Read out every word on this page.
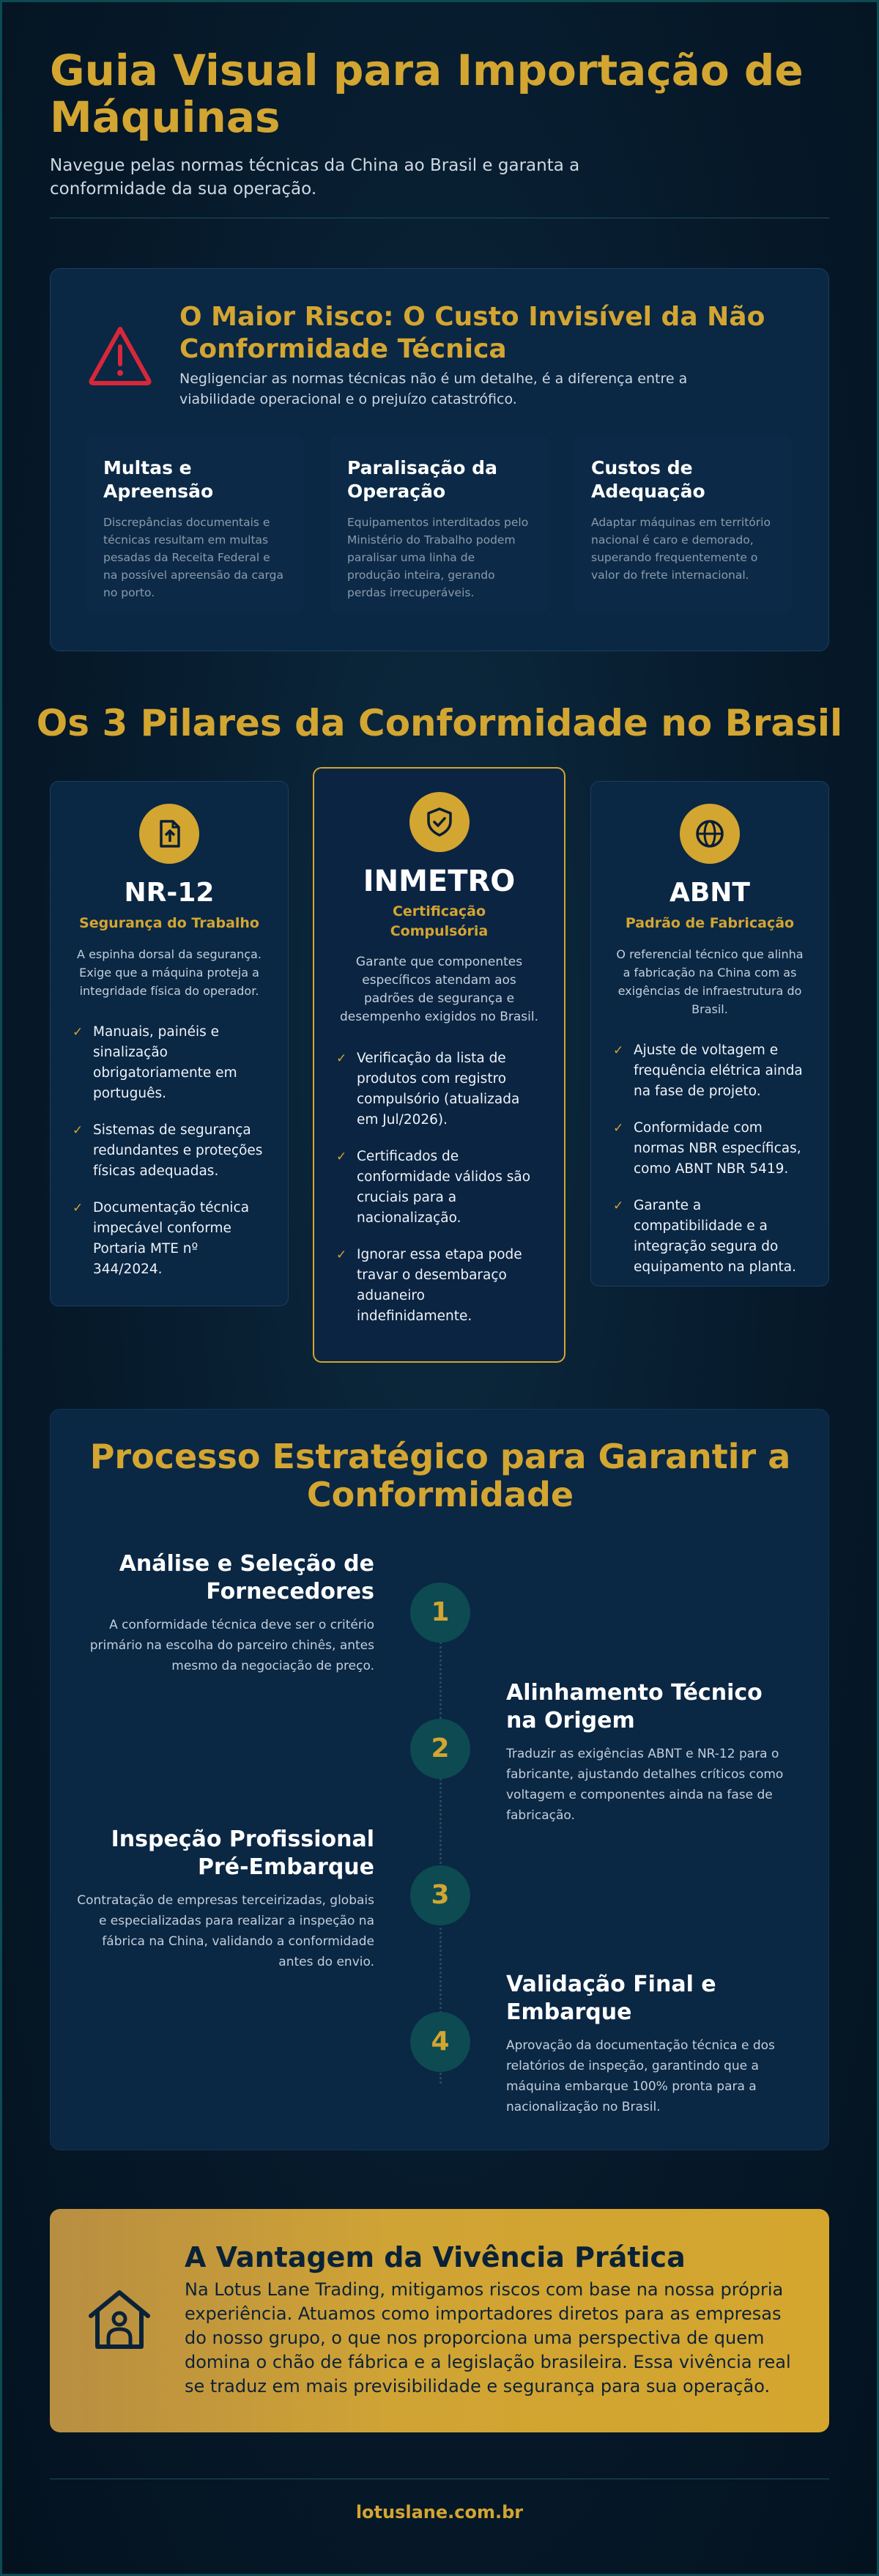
Guia Visual para Importação de Máquinas

Navegue pelas normas técnicas da China ao Brasil e garanta a conformidade da sua operação.

O Maior Risco: O Custo Invisível da Não Conformidade Técnica

Negligenciar as normas técnicas não é um detalhe, é a diferença entre a viabilidade operacional e o prejuízo catastrófico.

Multas e Apreensão

Discrepâncias documentais e técnicas resultam em multas pesadas da Receita Federal e na possível apreensão da carga no porto.

Paralisação da Operação

Equipamentos interditados pelo Ministério do Trabalho podem paralisar uma linha de produção inteira, gerando perdas irrecuperáveis.

Custos de Adequação

Adaptar máquinas em território nacional é caro e demorado, superando frequentemente o valor do frete internacional.

Os 3 Pilares da Conformidade no Brasil
NR-12
Segurança do Trabalho
A espinha dorsal da segurança. Exige que a máquina proteja a integridade física do operador.
✓ Manuais, painéis e sinalização obrigatoriamente em português.
✓ Sistemas de segurança redundantes e proteções físicas adequadas.
✓ Documentação técnica impecável conforme Portaria MTE nº 344/2024.
INMETRO
Certificação Compulsória
Garante que componentes específicos atendam aos padrões de segurança e desempenho exigidos no Brasil.
✓ Verificação da lista de produtos com registro compulsório (atualizada em Jul/2026).
✓ Certificados de conformidade válidos são cruciais para a nacionalização.
✓ Ignorar essa etapa pode travar o desembaraço aduaneiro indefinidamente.
ABNT
Padrão de Fabricação
O referencial técnico que alinha a fabricação na China com as exigências de infraestrutura do Brasil.
✓ Ajuste de voltagem e frequência elétrica ainda na fase de projeto.
✓ Conformidade com normas NBR específicas, como ABNT NBR 5419.
✓ Garante a compatibilidade e a integração segura do equipamento na planta.
Processo Estratégico para Garantir a Conformidade
Análise e Seleção de Fornecedores

A conformidade técnica deve ser o critério primário na escolha do parceiro chinês, antes mesmo da negociação de preço.

1
Alinhamento Técnico na Origem

Traduzir as exigências ABNT e NR-12 para o fabricante, ajustando detalhes críticos como voltagem e componentes ainda na fase de fabricação.

2
Inspeção Profissional Pré-Embarque

Contratação de empresas terceirizadas, globais e especializadas para realizar a inspeção na fábrica na China, validando a conformidade antes do envio.

3
Validação Final e Embarque

Aprovação da documentação técnica e dos relatórios de inspeção, garantindo que a máquina embarque 100% pronta para a nacionalização no Brasil.

4
A Vantagem da Vivência Prática

Na Lotus Lane Trading, mitigamos riscos com base na nossa própria experiência. Atuamos como importadores diretos para as empresas do nosso grupo, o que nos proporciona uma perspectiva de quem domina o chão de fábrica e a legislação brasileira. Essa vivência real se traduz em mais previsibilidade e segurança para sua operação.

lotuslane.com.br
